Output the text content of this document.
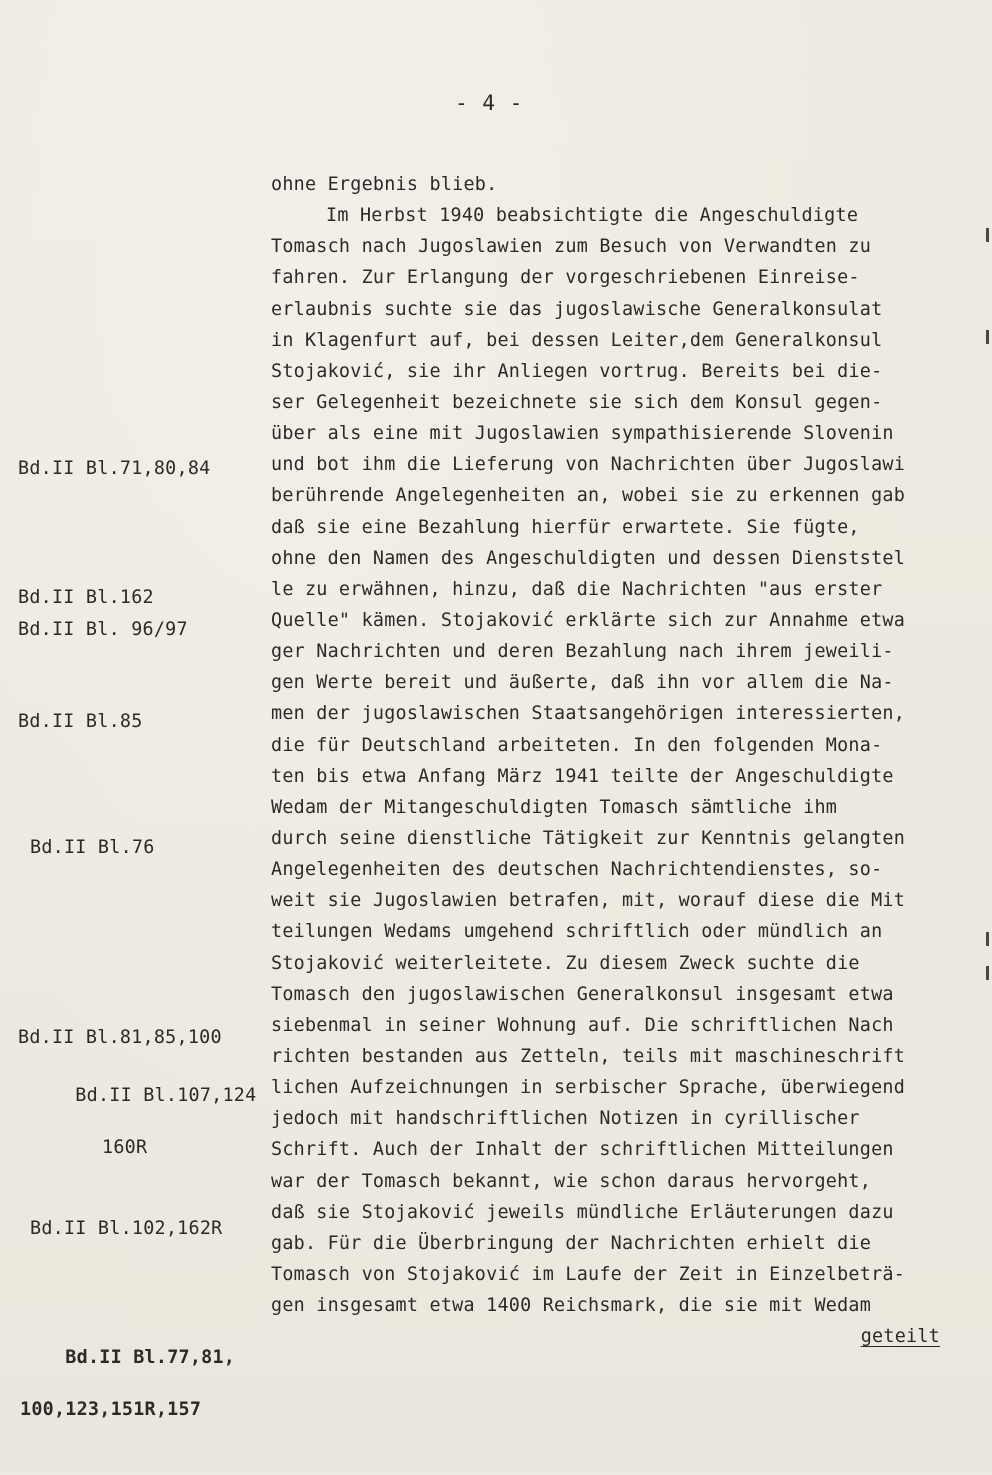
- 4 -
ohne Ergebnis blieb.
Im Herbst 1940 beabsichtigte die Angeschuldigte
Tomasch nach Jugoslawien zum Besuch von Verwandten zu
fahren. Zur Erlangung der vorgeschriebenen Einreise-
erlaubnis suchte sie das jugoslawische Generalkonsulat
in Klagenfurt auf, bei dessen Leiter,dem Generalkonsul
Stojaković, sie ihr Anliegen vortrug. Bereits bei die-
ser Gelegenheit bezeichnete sie sich dem Konsul gegen-
über als eine mit Jugoslawien sympathisierende Slovenin
und bot ihm die Lieferung von Nachrichten über Jugoslawi
berührende Angelegenheiten an, wobei sie zu erkennen gab
daß sie eine Bezahlung hierfür erwartete. Sie fügte,
ohne den Namen des Angeschuldigten und dessen Dienststel
le zu erwähnen, hinzu, daß die Nachrichten "aus erster
Quelle" kämen. Stojaković erklärte sich zur Annahme etwa
ger Nachrichten und deren Bezahlung nach ihrem jeweili-
gen Werte bereit und äußerte, daß ihn vor allem die Na-
men der jugoslawischen Staatsangehörigen interessierten,
die für Deutschland arbeiteten. In den folgenden Mona-
ten bis etwa Anfang März 1941 teilte der Angeschuldigte
Wedam der Mitangeschuldigten Tomasch sämtliche ihm
durch seine dienstliche Tätigkeit zur Kenntnis gelangten
Angelegenheiten des deutschen Nachrichtendienstes, so-
weit sie Jugoslawien betrafen, mit, worauf diese die Mit
teilungen Wedams umgehend schriftlich oder mündlich an
Stojaković weiterleitete. Zu diesem Zweck suchte die
Tomasch den jugoslawischen Generalkonsul insgesamt etwa
siebenmal in seiner Wohnung auf. Die schriftlichen Nach
richten bestanden aus Zetteln, teils mit maschineschrift
lichen Aufzeichnungen in serbischer Sprache, überwiegend
jedoch mit handschriftlichen Notizen in cyrillischer
Schrift. Auch der Inhalt der schriftlichen Mitteilungen
war der Tomasch bekannt, wie schon daraus hervorgeht,
daß sie Stojaković jeweils mündliche Erläuterungen dazu
gab. Für die Überbringung der Nachrichten erhielt die
Tomasch von Stojaković im Laufe der Zeit in Einzelbeträ-
gen insgesamt etwa 1400 Reichsmark, die sie mit Wedam
geteilt
Bd.II Bl.71,80,84
Bd.II Bl.162
Bd.II Bl. 96/97
Bd.II Bl.85
Bd.II Bl.76
Bd.II Bl.81,85,100

Bd.II Bl.107,124

160R

Bd.II Bl.102,162R

Bd.II Bl.77,81,

100,123,151R,157
